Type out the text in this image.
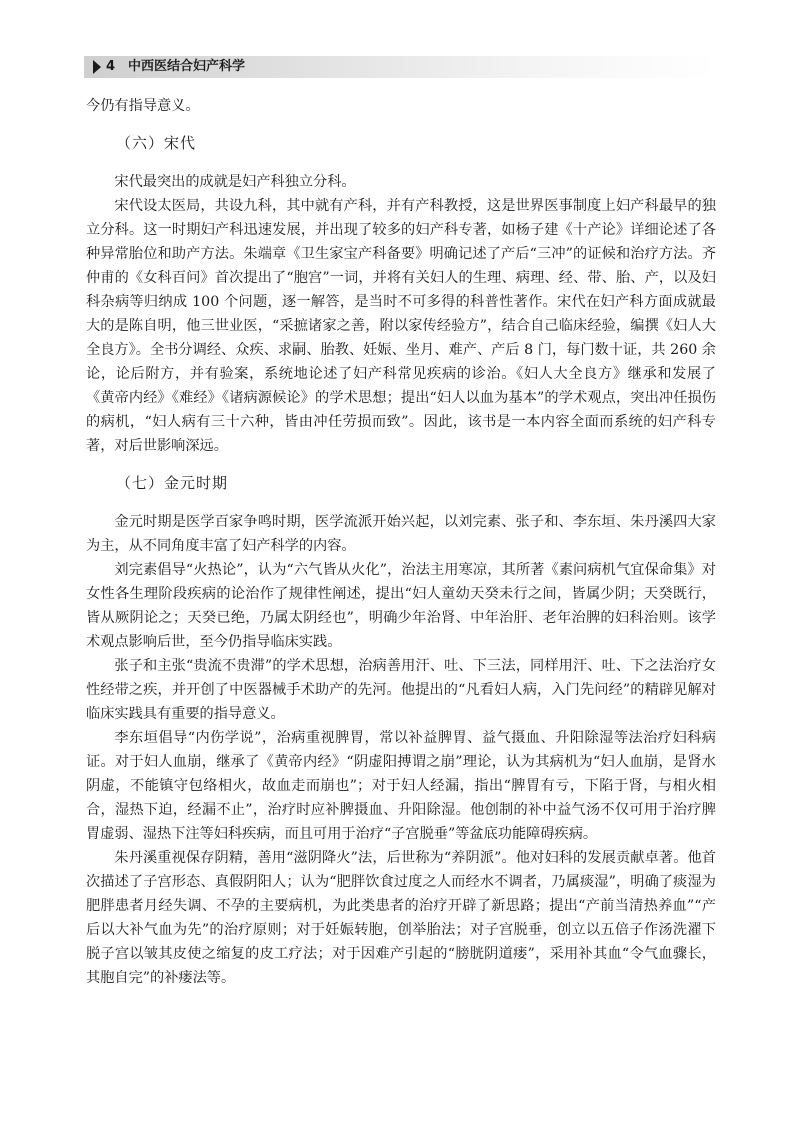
4 中西医结合妇产科学

今仍有指导意义。

（六）宋代

宋代最突出的成就是妇产科独立分科。

宋代设太医局，共设九科，其中就有产科，并有产科教授，这是世界医事制度上妇产科最早的独立分科。这一时期妇产科迅速发展，并出现了较多的妇产科专著，如杨子建《十产论》详细论述了各种异常胎位和助产方法。朱端章《卫生家宝产科备要》明确记述了产后“三冲”的证候和治疗方法。齐仲甫的《女科百问》首次提出了“胞宫”一词，并将有关妇人的生理、病理、经、带、胎、产，以及妇科杂病等归纳成 100 个问题，逐一解答，是当时不可多得的科普性著作。宋代在妇产科方面成就最大的是陈自明，他三世业医，“采摭诸家之善，附以家传经验方”，结合自己临床经验，编撰《妇人大全良方》。全书分调经、众疾、求嗣、胎教、妊娠、坐月、难产、产后 8 门，每门数十证，共 260 余论，论后附方，并有验案，系统地论述了妇产科常见疾病的诊治。《妇人大全良方》继承和发展了《黄帝内经》《难经》《诸病源候论》的学术思想；提出“妇人以血为基本”的学术观点，突出冲任损伤的病机，“妇人病有三十六种，皆由冲任劳损而致”。因此，该书是一本内容全面而系统的妇产科专著，对后世影响深远。

（七）金元时期

金元时期是医学百家争鸣时期，医学流派开始兴起，以刘完素、张子和、李东垣、朱丹溪四大家为主，从不同角度丰富了妇产科学的内容。

刘完素倡导“火热论”，认为“六气皆从火化”，治法主用寒凉，其所著《素问病机气宜保命集》对女性各生理阶段疾病的论治作了规律性阐述，提出“妇人童幼天癸未行之间，皆属少阴；天癸既行，皆从厥阴论之；天癸已绝，乃属太阴经也”，明确少年治肾、中年治肝、老年治脾的妇科治则。该学术观点影响后世，至今仍指导临床实践。

张子和主张“贵流不贵滞”的学术思想，治病善用汗、吐、下三法，同样用汗、吐、下之法治疗女性经带之疾，并开创了中医器械手术助产的先河。他提出的“凡看妇人病，入门先问经”的精辟见解对临床实践具有重要的指导意义。

李东垣倡导“内伤学说”，治病重视脾胃，常以补益脾胃、益气摄血、升阳除湿等法治疗妇科病证。对于妇人血崩，继承了《黄帝内经》“阴虚阳搏谓之崩”理论，认为其病机为“妇人血崩，是肾水阴虚，不能镇守包络相火，故血走而崩也”；对于妇人经漏，指出“脾胃有亏，下陷于肾，与相火相合，湿热下迫，经漏不止”，治疗时应补脾摄血、升阳除湿。他创制的补中益气汤不仅可用于治疗脾胃虚弱、湿热下注等妇科疾病，而且可用于治疗“子宫脱垂”等盆底功能障碍疾病。

朱丹溪重视保存阴精，善用“滋阴降火”法，后世称为“养阴派”。他对妇科的发展贡献卓著。他首次描述了子宫形态、真假阴阳人；认为“肥胖饮食过度之人而经水不调者，乃属痰湿”，明确了痰湿为肥胖患者月经失调、不孕的主要病机，为此类患者的治疗开辟了新思路；提出“产前当清热养血”“产后以大补气血为先”的治疗原则；对于妊娠转胞，创举胎法；对子宫脱垂，创立以五倍子作汤洗濯下脱子宫以皱其皮使之缩复的皮工疗法；对于因难产引起的“膀胱阴道瘘”，采用补其血“令气血骤长，其胞自完”的补瘘法等。
